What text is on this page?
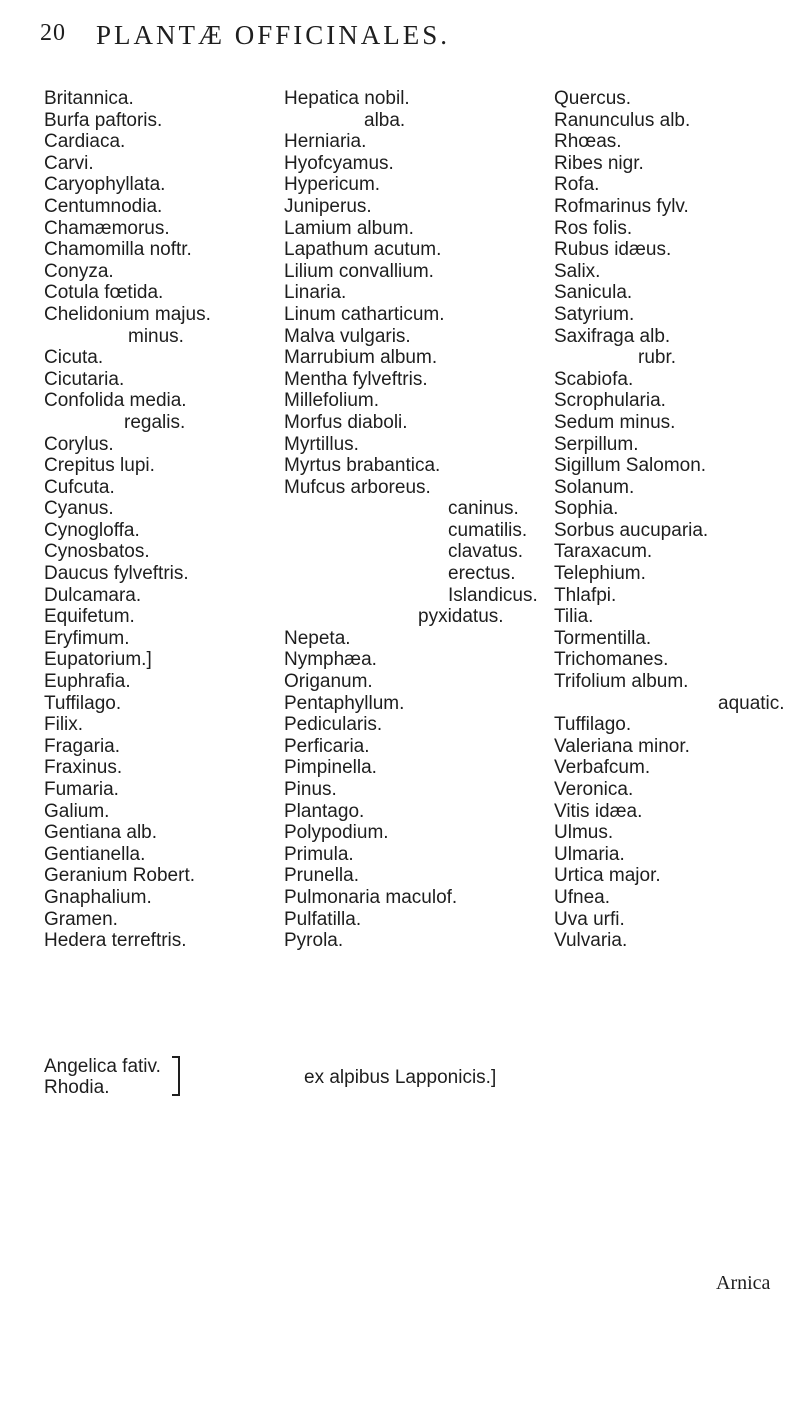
20 PLANTÆ OFFICINALES.
Britannica.
Burfa paftoris.
Cardiaca.
Carvi.
Caryophyllata.
Centumnodia.
Chamæmorus.
Chamomilla noftr.
Conyza.
Cotula fœtida.
Chelidonium majus.
minus.
Cicuta.
Cicutaria.
Confolida media.
regalis.
Corylus.
Crepitus lupi.
Cufcuta.
Cyanus.
Cynogloffa.
Cynosbatos.
Daucus fylveftris.
Dulcamara.
Equifetum.
Eryfimum.
Eupatorium.]
Euphrafia.
Tuffilago.
Filix.
Fragaria.
Fraxinus.
Fumaria.
Galium.
Gentiana alb.
Gentianella.
Geranium Robert.
Gnaphalium.
Gramen.
Hedera terreftris.
Hepatica nobil.
alba.
Herniaria.
Hyofcyamus.
Hypericum.
Juniperus.
Lamium album.
Lapathum acutum.
Lilium convallium.
Linaria.
Linum catharticum.
Malva vulgaris.
Marrubium album.
Mentha fylveftris.
Millefolium.
Morfus diaboli.
Myrtillus.
Myrtus brabantica.
Mufcus arboreus.
caninus.
cumatilis.
clavatus.
erectus.
Islandicus.
pyxidatus.
Nepeta.
Nymphæa.
Origanum.
Pentaphyllum.
Pedicularis.
Perficaria.
Pimpinella.
Pinus.
Plantago.
Polypodium.
Primula.
Prunella.
Pulmonaria maculof.
Pulfatilla.
Pyrola.
Quercus.
Ranunculus alb.
Rhœas.
Ribes nigr.
Rofa.
Rofmarinus fylv.
Ros folis.
Rubus idæus.
Salix.
Sanicula.
Satyrium.
Saxifraga alb.
rubr.
Scabiofa.
Scrophularia.
Sedum minus.
Serpillum.
Sigillum Salomon.
Solanum.
Sophia.
Sorbus aucuparia.
Taraxacum.
Telephium.
Thlafpi.
Tilia.
Tormentilla.
Trichomanes.
Trifolium album.
aquatic.
Tuffilago.
Valeriana minor.
Verbafcum.
Veronica.
Vitis idæa.
Ulmus.
Ulmaria.
Urtica major.
Ufnea.
Uva urfi.
Vulvaria.
Angelica fativ.
Rhodia.	ex alpibus Lapponicis.]
Arnica
